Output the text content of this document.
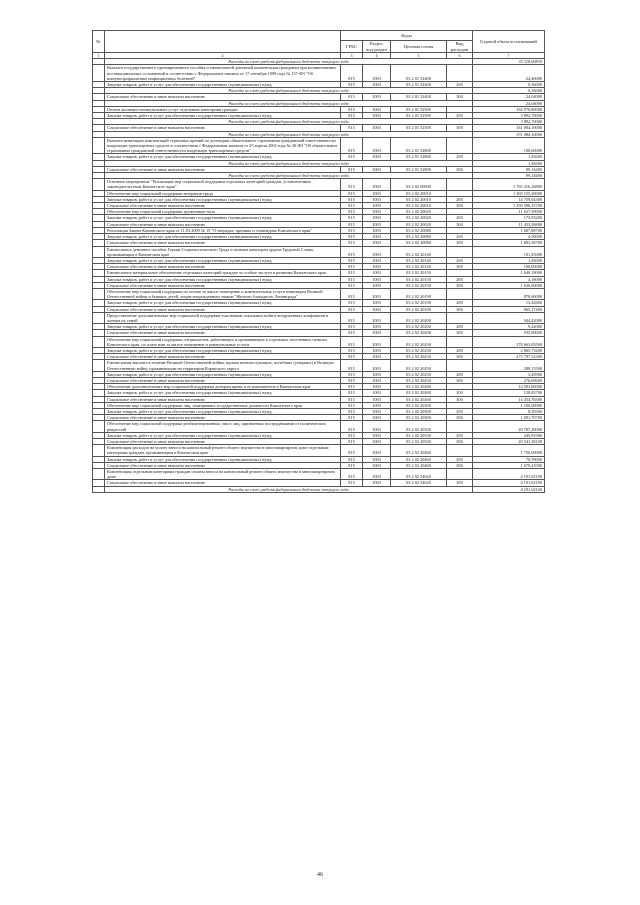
№		Коды				Годовой объем ассигнований
		ГРБС	Раздел, под-раздел	Целевая статья	Вид расходов	
1	2	3	4	5	6	7
	Расходы за счет средств федерального бюджета текущего года					35 318,90830
	Выплата государственного единовременного пособия и ежемесячной денежной компенсации гражданам при возникновении поствакцинальных осложнений в соответствии с Федеральным законом от 17 сентября 1998 года № 157-ФЗ "Об иммунопрофилактике инфекционных болезней"	815	1003	03 2 01 52400		24,40000
	Закупка товаров, работ и услуг для обеспечения государственных (муниципальных) нужд	815	1003	03 2 01 52400	200	0,36000
	Расходы за счет средств федерального бюджета текущего года					0,36000
	Социальное обеспечение и иные выплаты населению	815	1003	03 2 01 52400	300	24,04000
	Расходы за счет средств федерального бюджета текущего года					24,04000
	Оплата жилищно-коммунальных услуг отдельным категориям граждан	815	1003	03 2 01 52500		334 976,80000
	Закупка товаров, работ и услуг для обеспечения государственных (муниципальных) нужд	815	1003	03 2 01 52500	200	3 892,70000
	Расходы за счет средств федерального бюджета текущего года					3 892,70000
	Социальное обеспечение и иные выплаты населению	815	1003	03 2 01 52500	300	331 084,10000
	Расходы за счет средств федерального бюджета текущего года					331 084,10000
	Выплата инвалидам компенсаций страховых премий по договорам обязательного страхования гражданской ответственности владельцев транспортных средств в соответствии с Федеральным законом от 25 апреля 2002 года № 40-ФЗ "Об обязательном страховании гражданской ответственности владельцев транспортных средств"	815	1003	03 2 01 52800		100,60000
	Закупка товаров, работ и услуг для обеспечения государственных (муниципальных) нужд	815	1003	03 2 01 52800	200	1,45600
	Расходы за счет средств федерального бюджета текущего года					1,45600
	Социальное обеспечение и иные выплаты населению	815	1003	03 2 01 52800	300	99,14400
	Расходы за счет средств федерального бюджета текущего года					99,14400
	Основное мероприятие "Реализация мер социальной поддержки отдельных категорий граждан, установленных законодательством Камчатского края"	815	1003	03 2 02 00000		1 765 416,26800
	Обеспечение мер социальной поддержки ветеранов труда	815	1003	03 2 02 20010		1 365 155,20000
	Закупка товаров, работ и услуг для обеспечения государственных (муниципальных) нужд	815	1003	03 2 02 20010	200	14 759,04300
	Социальное обеспечение и иные выплаты населению	815	1003	03 2 02 20010	300	1 350 396,15700
	Обеспечение мер социальной поддержки тружеников тыла	815	1003	03 2 02 20020		11 627,50000
	Закупка товаров, работ и услуг для обеспечения государственных (муниципальных) нужд	815	1003	03 2 02 20020	200	173,93200
	Социальное обеспечение и иные выплаты населению	815	1003	03 2 02 20020	300	11 453,56800
	Реализация Закона Камчатского края от 11.03.2009 № 19 "О наградах, премиях и стипендиях Камчатского края"	815	1003	03 2 02 20080		1 687,88700
	Закупка товаров, работ и услуг для обеспечения государственных (муниципальных) нужд	815	1003	03 2 02 20080	200	4,50000
	Социальное обеспечение и иные выплаты населению	815	1003	03 2 02 20080	300	1 683,38700
	Ежемесячное денежное пособие Героям Социалистического Труда и полным кавалерам ордена Трудовой Славы, проживающим в Камчатском крае	815	1003	03 2 02 20140		101,45000
	Закупка товаров, работ и услуг для обеспечения государственных (муниципальных) нужд	815	1003	03 2 02 20140	200	1,45000
	Социальное обеспечение и иные выплаты населению	815	1003	03 2 02 20140	300	100,00000
	Ежемесячное материальное обеспечение отдельных категорий граждан за особые заслуги в развитии Камчатского края	815	1003	03 2 02 20150		1 640,18000
	Закупка товаров, работ и услуг для обеспечения государственных (муниципальных) нужд	815	1003	03 2 02 20150	200	4,18000
	Социальное обеспечение и иные выплаты населению	815	1003	03 2 02 20150	300	1 636,00000
	Обеспечение мер социальной поддержки по оплате за жилое помещение и коммунальные услуги инвалидам Великой Отечественной войны и бывших детей, лицам награжденным знаком "Жителю блокадного Ленинграда"	815	1003	03 2 02 20190		878,60000
	Закупка товаров, работ и услуг для обеспечения государственных (муниципальных) нужд	815	1003	03 2 02 20190	200	13,42600
	Социальное обеспечение и иные выплаты населению	815	1003	03 2 02 20190	300	865,17400
	Предоставление дополнительных мер социальной поддержки участникам локальных войн и вооруженных конфликтов и членам их семей	815	1003	03 2 02 20200		944,42000
	Закупка товаров, работ и услуг для обеспечения государственных (муниципальных) нужд	815	1003	03 2 02 20200	200	9,42000
	Социальное обеспечение и иные выплаты населению	815	1003	03 2 02 20200	300	935,00000
	Обеспечение мер социальной поддержки специалистов, работающих и проживающих в отдельных населенных пунктах Камчатского края, по плате ими за жилое помещение и коммунальные услуги	815	1003	03 2 02 20230		278 663,05500
	Закупка товаров, работ и услуг для обеспечения государственных (муниципальных) нужд	815	1003	03 2 02 20230	200	2 865,73200
	Социальное обеспечение и иные выплаты населению	815	1003	03 2 02 20230	300	275 797,32300
	Ежемесячная выплата в течение Великой Отечественной войны, вдовам военнослужащих, погибших (умерших) в Великую Отечественную войну, проживающим на территории Корякского округа	815	1003	03 2 02 20250		280,15500
	Закупка товаров, работ и услуг для обеспечения государственных (муниципальных) нужд	815	1003	03 2 02 20250	200	3,45900
	Социальное обеспечение и иные выплаты населению	815	1003	03 2 02 20250	300	276,69600
	Обеспечение дополнительных мер социальной поддержки донорам крови и ее компонентов в Камчатском крае	815	1003	03 2 02 20260		14 583,60000
	Закупка товаров, работ и услуг для обеспечения государственных (муниципальных) нужд	815	1003	03 2 02 20260	200	128,83700
	Социальное обеспечение и иные выплаты населению	815	1003	03 2 02 20260	300	14 454,76300
	Обеспечение мер социальной поддержки лиц, замещавших государственные должности Камчатского края	815	1003	03 2 02 20300		1 100,00000
	Закупка товаров, работ и услуг для обеспечения государственных (муниципальных) нужд	815	1003	03 2 02 20300	200	8,29300
	Социальное обеспечение и иные выплаты населению	815	1003	03 2 02 20300	300	1 091,70700
	Обеспечение мер социальной поддержки реабилитированных лиц и лиц, признанных пострадавшими от политических репрессий	815	1003	03 2 02 20330		20 787,20000
	Закупка товаров, работ и услуг для обеспечения государственных (муниципальных) нужд	815	1003	03 2 02 20330	200	245,81900
	Социальное обеспечение и иные выплаты населению	815	1003	03 2 02 20330	300	20 541,38100
	Компенсация расходов на уплату взноса на капитальный ремонт общего имущества в многоквартирном доме отдельным категориям граждан, проживающим в Камчатском крае	815	1003	03 2 02 20460		1 750,00000
	Закупка товаров, работ и услуг для обеспечения государственных (муниципальных) нужд	815	1003	03 2 02 20460	200	70,59000
	Социальное обеспечение и иные выплаты населению	815	1003	03 2 02 20460	300	1 679,41000
	Компенсация отдельным категориям граждан оплаты взноса на капитальный ремонт общего имущества в многоквартирном доме	815	1003	03 2 02 54620		4 191,02100
	Социальное обеспечение и иные выплаты населению	815	1003	03 2 02 54620	300	4 191,02100
	Расходы за счет средств федерального бюджета текущего года					4 191,02100
46
